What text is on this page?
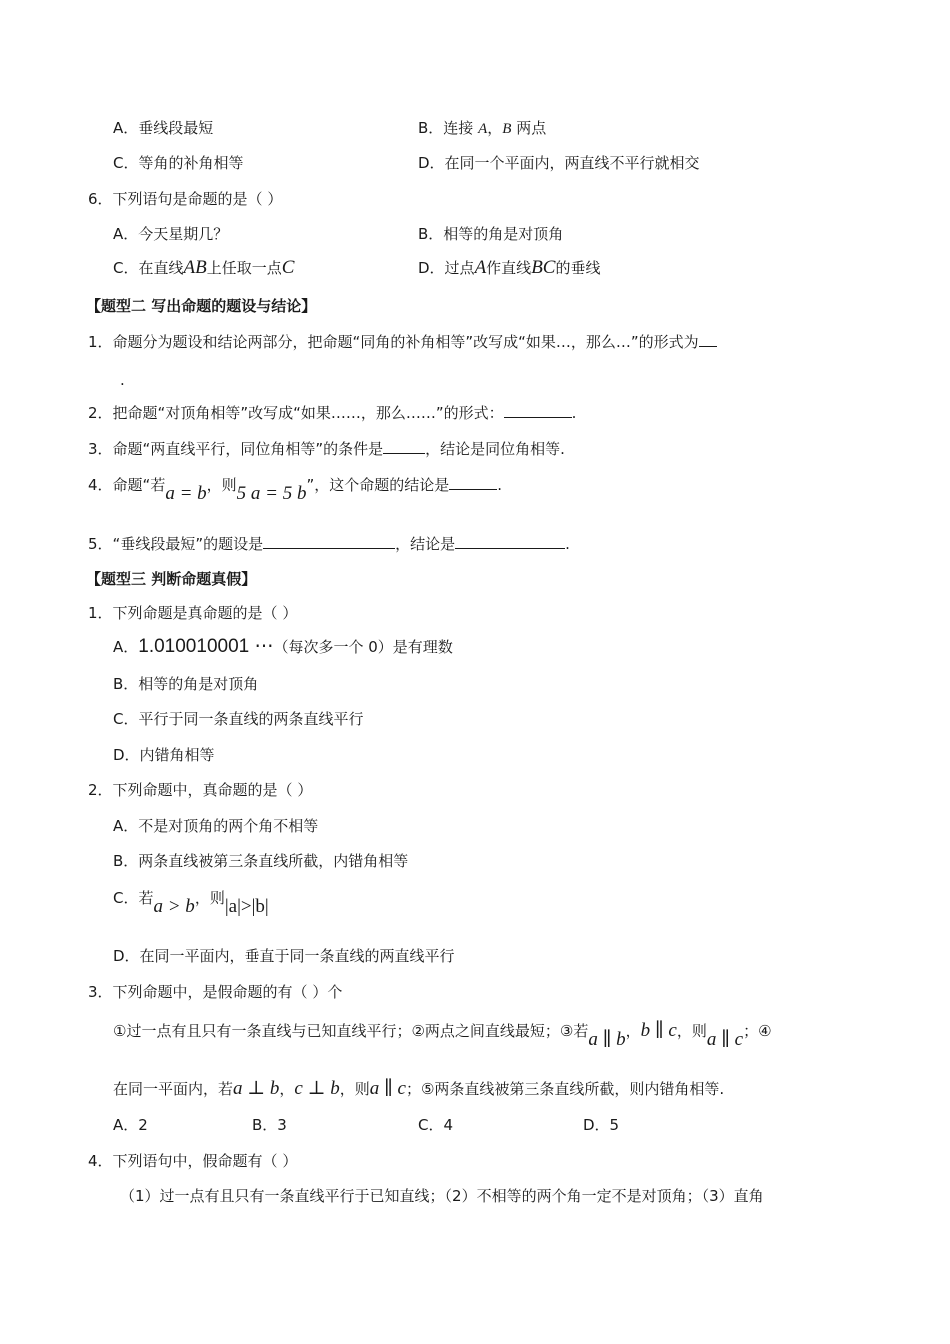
A．垂线段最短	B．连接 A，B 两点
C．等角的补角相等	D．在同一个平面内，两直线不平行就相交
6．下列语句是命题的是（ ）
A．今天星期几？	B．相等的角是对顶角
C．在直线AB上任取一点C	D．过点A作直线BC的垂线
【题型二 写出命题的题设与结论】
1．命题分为题设和结论两部分，把命题“同角的补角相等”改写成“如果…，那么…”的形式为
.
2．把命题“对顶角相等”改写成“如果……，那么……”的形式：	.
3．命题“两直线平行，同位角相等”的条件是	，结论是同位角相等.
4．命题“若a = b，则5 a = 5 b”，这个命题的结论是	.
5．“垂线段最短”的题设是	，结论是	.
【题型三 判断命题真假】
1．下列命题是真命题的是（ ）
A．1.010010001 ⋯（每次多一个 0）是有理数
B．相等的角是对顶角
C．平行于同一条直线的两条直线平行
D．内错角相等
2．下列命题中，真命题的是（ ）
A．不是对顶角的两个角不相等
B．两条直线被第三条直线所截，内错角相等
C．若a > b，则|a|>|b|
D．在同一平面内，垂直于同一条直线的两直线平行
3．下列命题中，是假命题的有（ ）个
①过一点有且只有一条直线与已知直线平行；②两点之间直线最短；③若a ∥ b，b ∥ c，则a ∥ c；④
在同一平面内，若a ⊥ b，c ⊥ b，则a ∥ c；⑤两条直线被第三条直线所截，则内错角相等.
A．2	B．3	C．4	D．5
4．下列语句中，假命题有（ ）
（1）过一点有且只有一条直线平行于已知直线；（2）不相等的两个角一定不是对顶角；（3）直角
